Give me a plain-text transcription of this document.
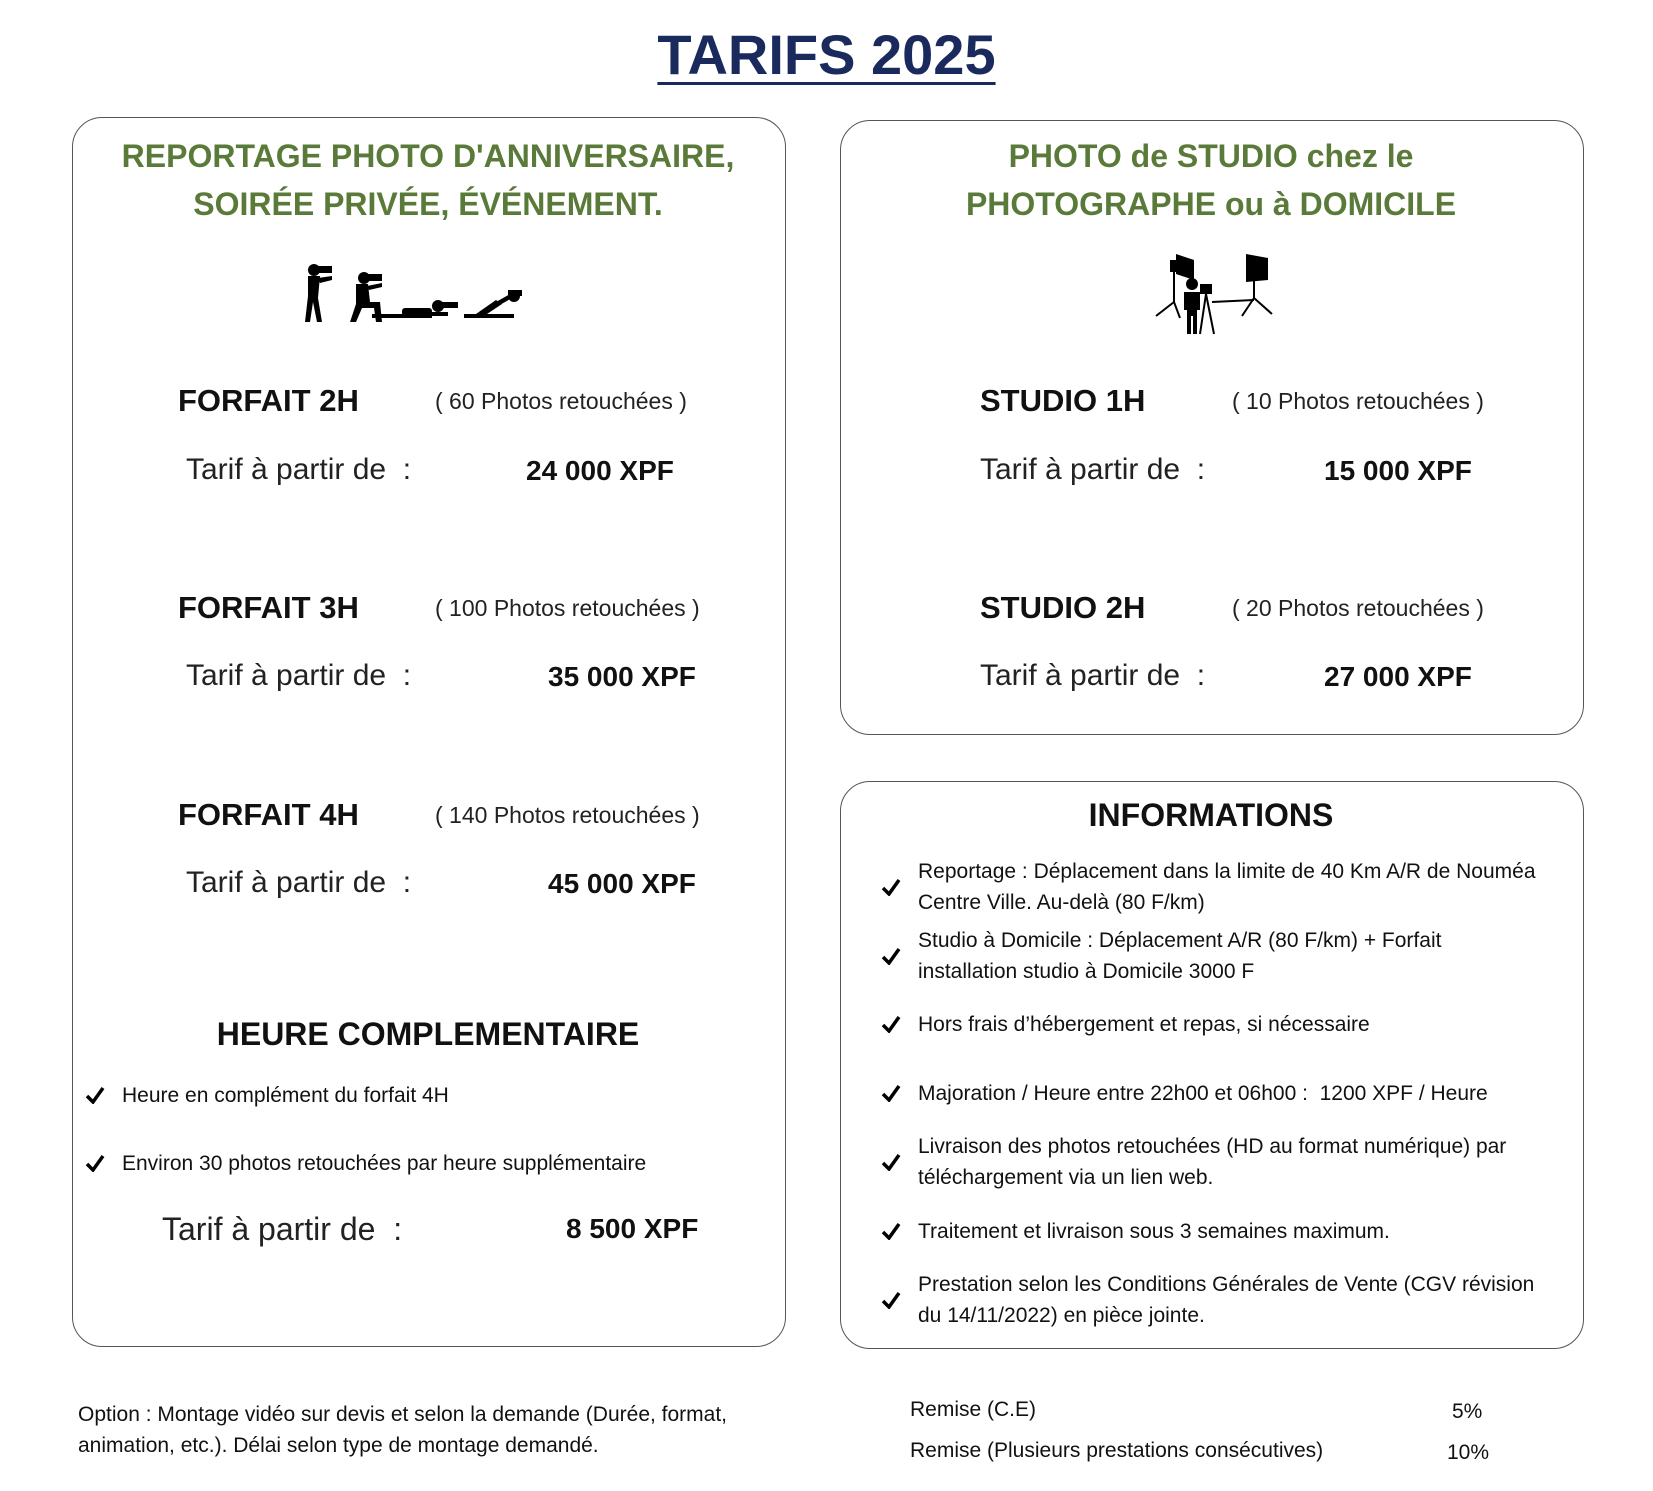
TARIFS 2025
REPORTAGE PHOTO D'ANNIVERSAIRE,
SOIRÉE PRIVÉE, ÉVÉNEMENT.
FORFAIT 2H	( 60 Photos retouchées )
Tarif à partir de  :	24 000 XPF
FORFAIT 3H	( 100 Photos retouchées )
Tarif à partir de  :	35 000 XPF
FORFAIT 4H	( 140 Photos retouchées )
Tarif à partir de  :	45 000 XPF
HEURE COMPLEMENTAIRE
Heure en complément du forfait 4H
Environ 30 photos retouchées par heure supplémentaire
Tarif à partir de  :	8 500 XPF
PHOTO de STUDIO chez le
PHOTOGRAPHE ou à DOMICILE
STUDIO 1H	( 10 Photos retouchées )
Tarif à partir de  :	15 000 XPF
STUDIO 2H	( 20 Photos retouchées )
Tarif à partir de  :	27 000 XPF
INFORMATIONS
Reportage : Déplacement dans la limite de 40 Km A/R de Nouméa
Centre Ville. Au-delà (80 F/km)
Studio à Domicile : Déplacement A/R (80 F/km) + Forfait
installation studio à Domicile 3000 F
Hors frais d’hébergement et repas, si nécessaire
Majoration / Heure entre 22h00 et 06h00 :  1200 XPF / Heure
Livraison des photos retouchées (HD au format numérique) par
téléchargement via un lien web.
Traitement et livraison sous 3 semaines maximum.
Prestation selon les Conditions Générales de Vente (CGV révision
du 14/11/2022) en pièce jointe.
Option : Montage vidéo sur devis et selon la demande (Durée, format,
animation, etc.). Délai selon type de montage demandé.
Remise (C.E)	5%
Remise (Plusieurs prestations consécutives)	10%
